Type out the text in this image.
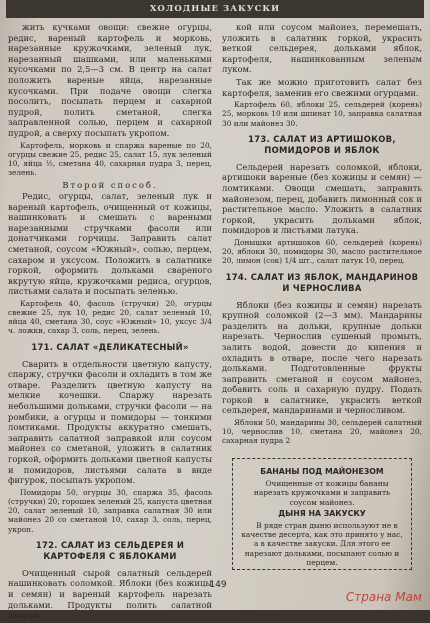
ХОЛОДНЫЕ ЗАКУСКИ

жить кучками овощи: свежие огурцы, редис, вареный картофель и морковь, нарезанные кружочками, зеленый лук, нарезанный шашками, или маленькими кусочками по 2,5—3 см. В центр на салат положить вареные яйца, нарезанные кусочками. При подаче овощи слегка посолить, посыпать перцем и сахарной пудрой, полить сметаной, слегка заправленной солью, перцем и сахарной пудрой, а сверху посыпать укропом.

Картофель, морковь и спаржа вареные по 20, огурцы свежие 25, редис 25, салат 15, лук зеленый 10, яйца ½, сметана 40, сахарная пудра 3, перец, зелень.

Второй способ.

Редис, огурцы, салат, зеленый лук и вареный картофель, очищенный от кожицы, нашинковать и смешать с вареными нарезанными стручками фасоли или донатчиками горчицы. Заправить салат сметаной, соусом «Южный», солью, перцем, сахаром и уксусом. Положить в салатнике горкой, оформить дольками свареного вкрутую яйца, кружочками редиса, огурцов, листьями салата и посыпать зеленью.

Картофель 40, фасоль (стручки) 20, огурцы свежие 25, лук 10, редис 20, салат зеленый 10, яйца 40, сметана 30, соус «Южный» 10, уксус 3/4 ч. ложки, сахар 3, соль, перец, зелень.

171. САЛАТ «ДЕЛИКАТЕСНЫЙ»

Сварить в отдельности цветную капусту, спаржу, стручки фасоли и охладить в том же отваре. Разделить цветную капусту на мелкие кочешки. Спаржу нарезать небольшими дольками, стручки фасоли — на ромбики, а огурцы и помидоры — тонкими ломтиками. Продукты аккуратно смешать, заправить салатной заправкой или соусом майонез со сметаной, уложить в салатник горкой, оформить дольками цветной капусты и помидоров, листьями салата в виде фигурок, посыпать укропом.

Помидоры 50, огурцы 30, спаржа 35, фасоль (стручки) 20, горошек зеленый 25, капуста цветная 20, салат зеленый 10, заправка салатная 30 или майонез 20 со сметаной 10, сахар 3, соль, перец, укроп.

172. САЛАТ ИЗ СЕЛЬДЕРЕЯ И КАРТОФЕЛЯ С ЯБЛОКАМИ

Очищенный сырой салатный сельдерей нашинковать соломкой. Яблоки (без кожицы и семян) и вареный картофель нарезать дольками. Продукты полить салатной заправ-

кой или соусом майонез, перемешать, уложить в салатник горкой, украсить веткой сельдерея, дольками яблок, картофеля, нашинкованным зеленым луком.

Так же можно приготовить салат без картофеля, заменив его свежими огурцами.

Картофель 60, яблоки 25, сельдерей (корень) 25, морковь 10 или шпинат 10, заправка салатная 30 или майонез 30.

173. САЛАТ ИЗ АРТИШОКОВ, ПОМИДОРОВ И ЯБЛОК

Сельдерей нарезать соломкой, яблоки, артишоки вареные (без кожицы и семян) — ломтиками. Овощи смешать, заправить майонезом, перец, добавить лимонный сок и растительное масло. Уложить в салатник горкой, украсить дольками яблок, помидоров и листьями латука.

Донышки артишоков 60, сельдерей (корень) 20, яблоки 30, помидоры 30, масло растительное 20, лимон (сок) 1/4 шт., салат латук 10, перец.

174. САЛАТ ИЗ ЯБЛОК, МАНДАРИНОВ И ЧЕРНОСЛИВА

Яблоки (без кожицы и семян) нарезать крупной соломкой (2—3 мм). Мандарины разделить на дольки, крупные дольки нарезать. Чернослив сушеный промыть, залить водой, довести до кипения и охладить в отваре, после чего нарезать дольками. Подготовленные фрукты заправить сметаной и соусом майонез, добавить соль и сахарную пудру. Подать горкой в салатнике, украсить веткой сельдерея, мандаринами и черносливом.

Яблоки 50, мандарины 30, сельдерей салатный 10, чернослив 10, сметана 20, майонез 20, сахарная пудра 2

БАНАНЫ ПОД МАЙОНЕЗОМ

Очищенные от кожицы бананы нарезать кружочками и заправить соусом майонез.

ДЫНЯ НА ЗАКУСКУ

В ряде стран дыню используют не в качестве десерта, как это принято у нас, а в качестве закуски. Для этого ее нарезают дольками, посыпают солью и перцем.

149
Страна Мам
